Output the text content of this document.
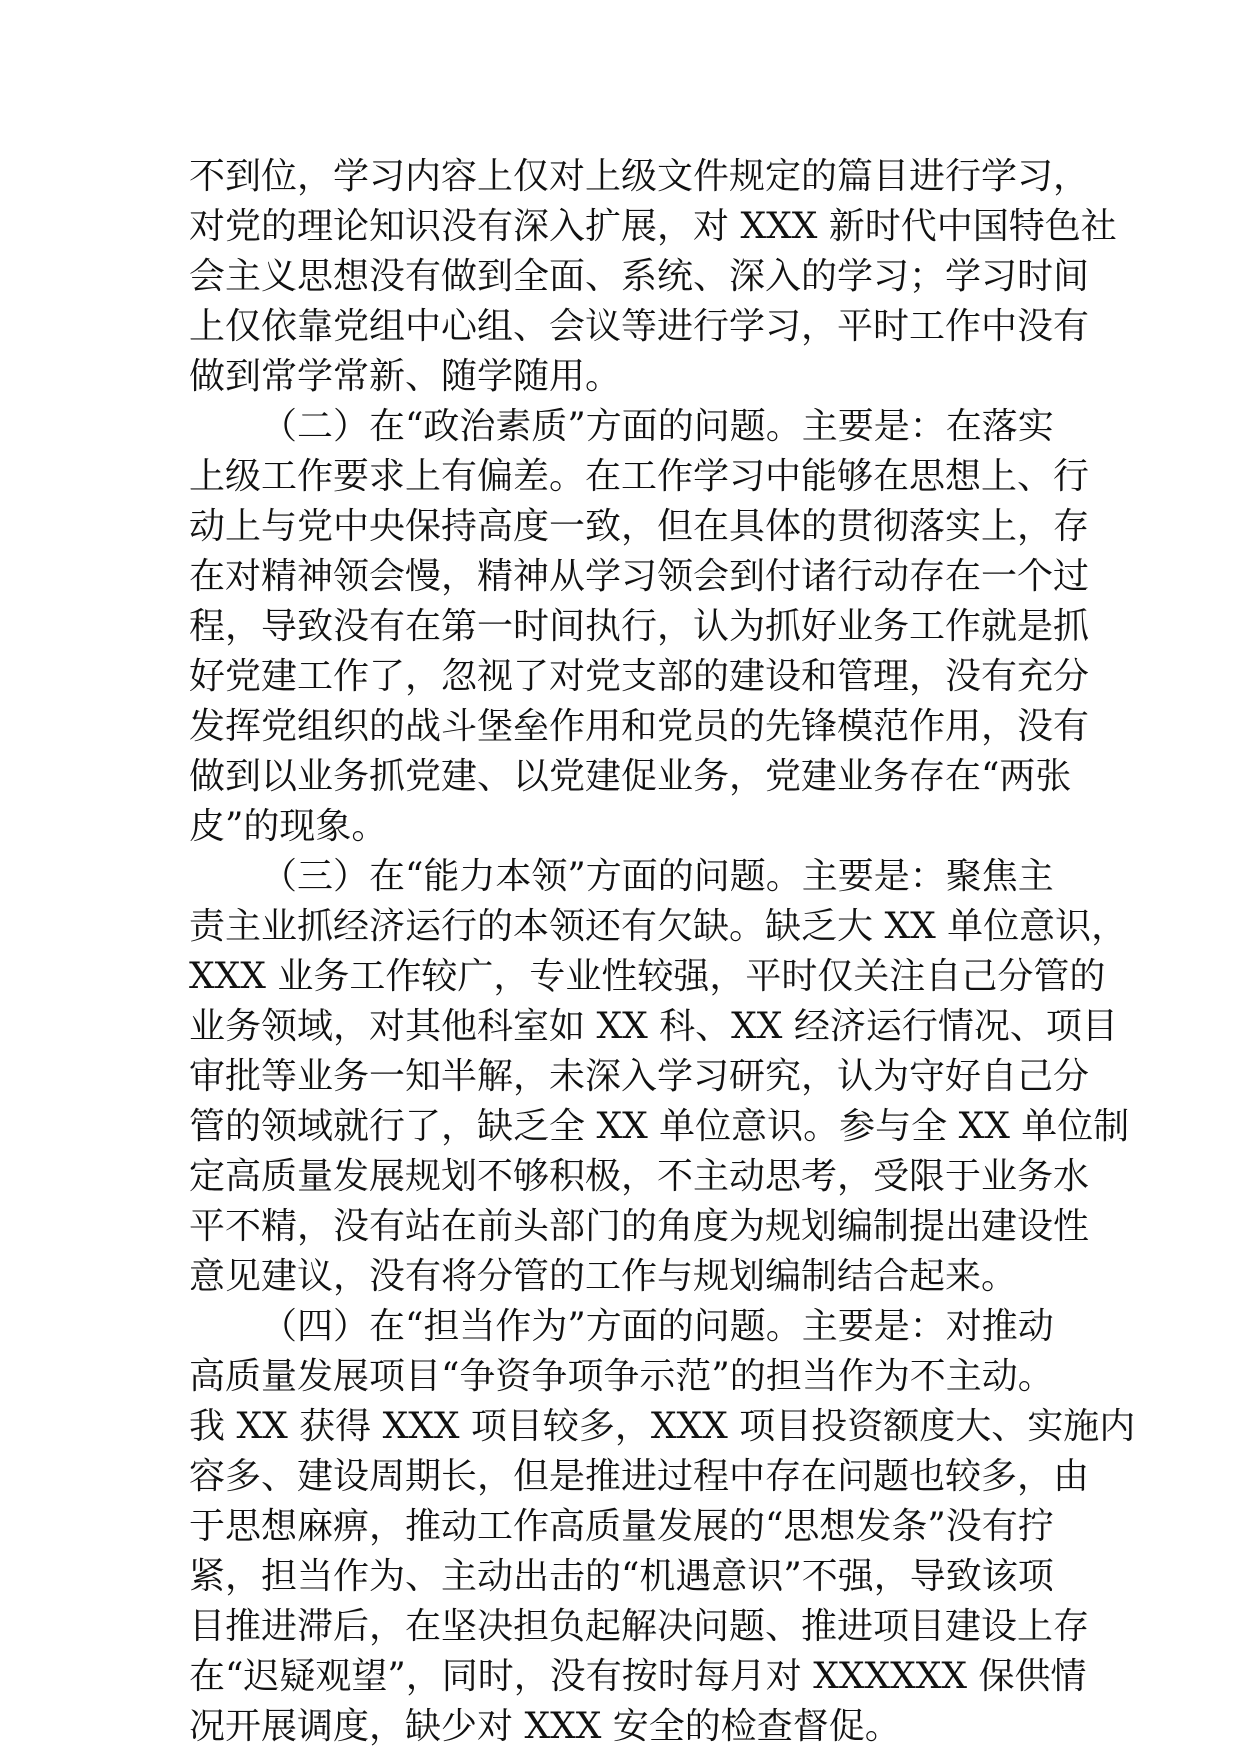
不到位，学习内容上仅对上级文件规定的篇目进行学习，
对党的理论知识没有深入扩展，对 XXX 新时代中国特色社
会主义思想没有做到全面、系统、深入的学习；学习时间
上仅依靠党组中心组、会议等进行学习，平时工作中没有
做到常学常新、随学随用。
（二）在“政治素质”方面的问题。主要是：在落实
上级工作要求上有偏差。在工作学习中能够在思想上、行
动上与党中央保持高度一致，但在具体的贯彻落实上，存
在对精神领会慢，精神从学习领会到付诸行动存在一个过
程，导致没有在第一时间执行，认为抓好业务工作就是抓
好党建工作了，忽视了对党支部的建设和管理，没有充分
发挥党组织的战斗堡垒作用和党员的先锋模范作用，没有
做到以业务抓党建、以党建促业务，党建业务存在“两张
皮”的现象。
（三）在“能力本领”方面的问题。主要是：聚焦主
责主业抓经济运行的本领还有欠缺。缺乏大 XX 单位意识，
XXX 业务工作较广，专业性较强，平时仅关注自己分管的
业务领域，对其他科室如 XX 科、XX 经济运行情况、项目
审批等业务一知半解，未深入学习研究，认为守好自己分
管的领域就行了，缺乏全 XX 单位意识。参与全 XX 单位制
定高质量发展规划不够积极，不主动思考，受限于业务水
平不精，没有站在前头部门的角度为规划编制提出建设性
意见建议，没有将分管的工作与规划编制结合起来。
（四）在“担当作为”方面的问题。主要是：对推动
高质量发展项目“争资争项争示范”的担当作为不主动。
我 XX 获得 XXX 项目较多，XXX 项目投资额度大、实施内
容多、建设周期长，但是推进过程中存在问题也较多，由
于思想麻痹，推动工作高质量发展的“思想发条”没有拧
紧，担当作为、主动出击的“机遇意识”不强，导致该项
目推进滞后，在坚决担负起解决问题、推进项目建设上存
在“迟疑观望”，同时，没有按时每月对 XXXXXX 保供情
况开展调度，缺少对 XXX 安全的检查督促。
